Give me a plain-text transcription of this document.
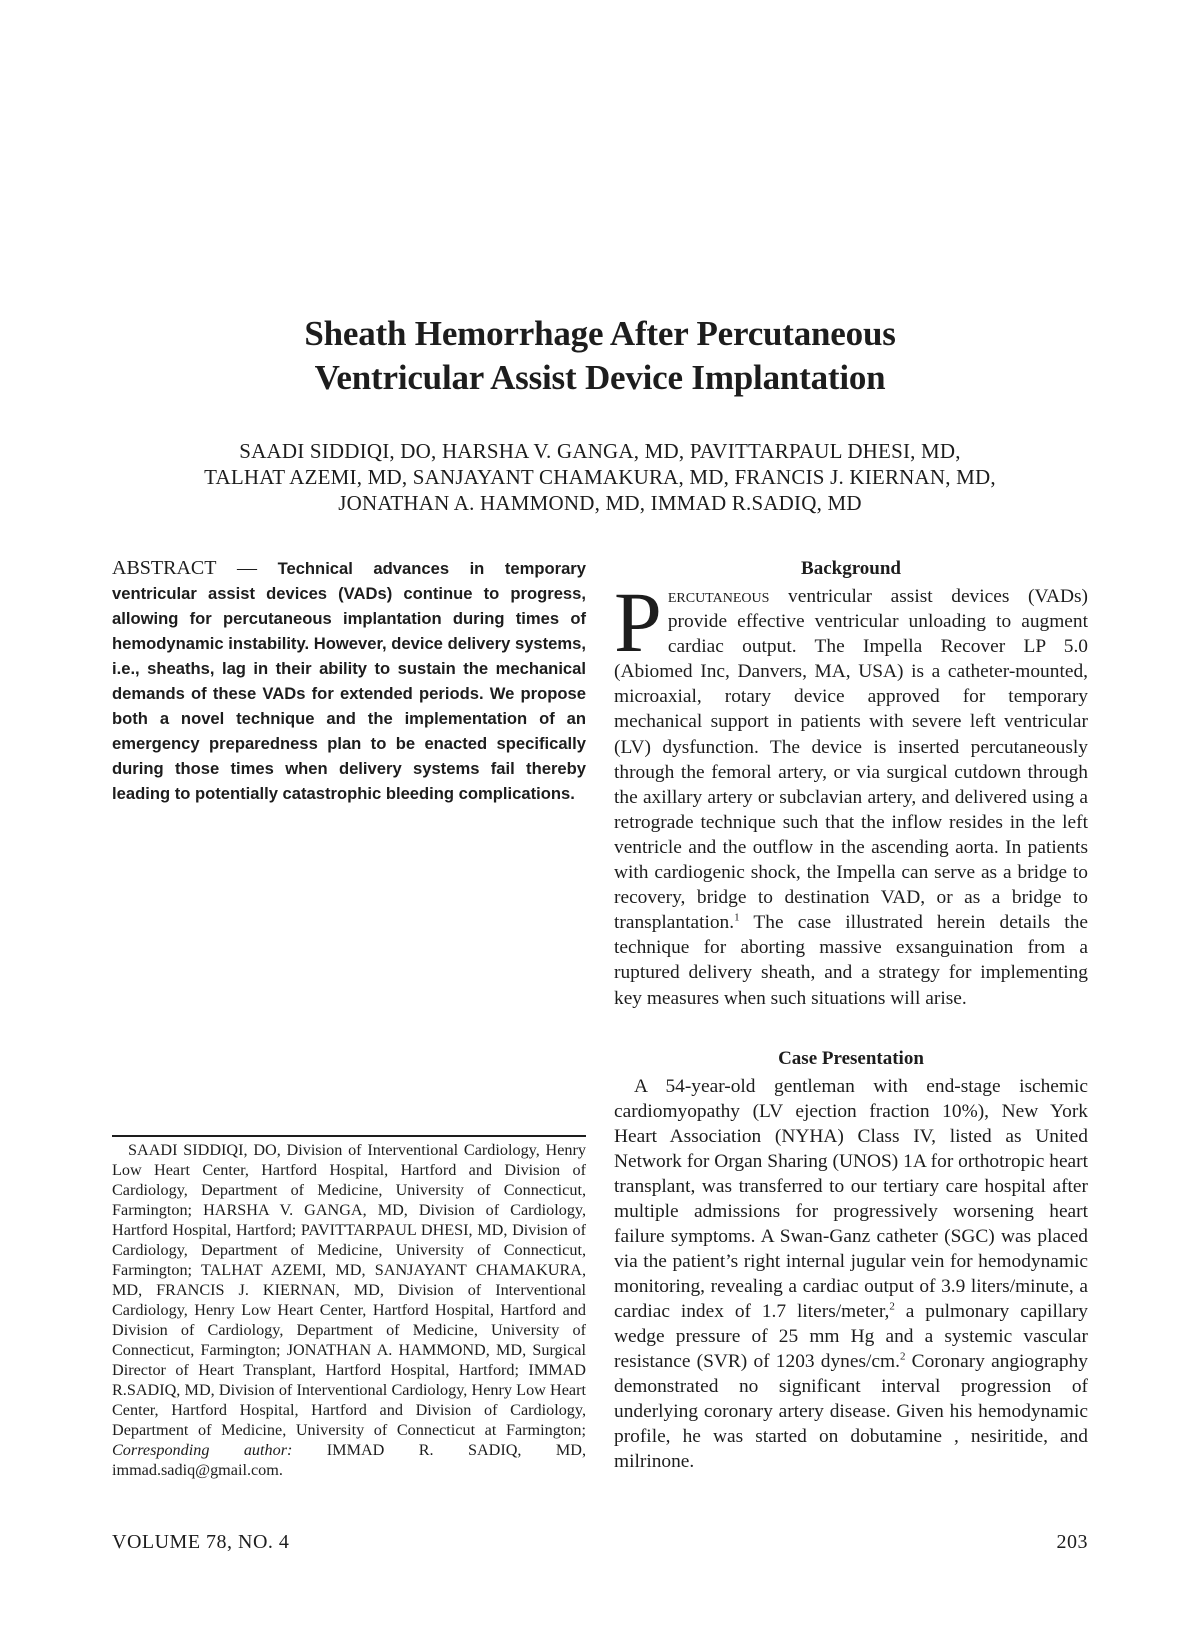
Sheath Hemorrhage After Percutaneous
Ventricular Assist Device Implantation
SAADI SIDDIQI, DO, HARSHA V. GANGA, MD, PAVITTARPAUL DHESI, MD,
TALHAT AZEMI, MD, SANJAYANT CHAMAKURA, MD, FRANCIS J. KIERNAN, MD,
JONATHAN A. HAMMOND, MD, IMMAD R.SADIQ, MD

ABSTRACT — Technical advances in temporary ventricular assist devices (VADs) continue to progress, allowing for percutaneous implantation during times of hemodynamic instability. However, device delivery systems, i.e., sheaths, lag in their ability to sustain the mechanical demands of these VADs for extended periods. We propose both a novel technique and the implementation of an emergency preparedness plan to be enacted specifically during those times when delivery systems fail thereby leading to potentially catastrophic bleeding complications.

SAADI SIDDIQI, DO, Division of Interventional Cardiology, Henry Low Heart Center, Hartford Hospital, Hartford and Division of Cardiology, Department of Medicine, University of Connecticut, Farmington; HARSHA V. GANGA, MD, Division of Cardiology, Hartford Hospital, Hartford; PAVITTARPAUL DHESI, MD, Division of Cardiology, Department of Medicine, University of Connecticut, Farmington; TALHAT AZEMI, MD, SANJAYANT CHAMAKURA, MD, FRANCIS J. KIERNAN, MD, Division of Interventional Cardiology, Henry Low Heart Center, Hartford Hospital, Hartford and Division of Cardiology, Department of Medicine, University of Connecticut, Farmington; JONATHAN A. HAMMOND, MD, Surgical Director of Heart Transplant, Hartford Hospital, Hartford; IMMAD R.SADIQ, MD, Division of Interventional Cardiology, Henry Low Heart Center, Hartford Hospital, Hartford and Division of Cardiology, Department of Medicine, University of Connecticut at Farmington; Corresponding author: IMMAD R. SADIQ, MD, immad.sadiq@gmail.com.

Background

P ercutaneous ventricular assist devices (VADs) provide effective ventricular unloading to augment cardiac output. The Impella Recover LP 5.0 (Abiomed Inc, Danvers, MA, USA) is a catheter-mounted, microaxial, rotary device approved for temporary mechanical support in patients with severe left ventricular (LV) dysfunction. The device is inserted percutaneously through the femoral artery, or via surgical cutdown through the axillary artery or subclavian artery, and delivered using a retrograde technique such that the inflow resides in the left ventricle and the outflow in the ascending aorta. In patients with cardiogenic shock, the Impella can serve as a bridge to recovery, bridge to destination VAD, or as a bridge to transplantation.$^1$ The case illustrated herein details the technique for aborting massive exsanguination from a ruptured delivery sheath, and a strategy for implementing key measures when such situations will arise.

Case Presentation

A 54-year-old gentleman with end-stage ischemic cardiomyopathy (LV ejection fraction 10%), New York Heart Association (NYHA) Class IV, listed as United Network for Organ Sharing (UNOS) 1A for orthotropic heart transplant, was transferred to our tertiary care hospital after multiple admissions for progressively worsening heart failure symptoms. A Swan-Ganz catheter (SGC) was placed via the patient’s right internal jugular vein for hemodynamic monitoring, revealing a cardiac output of 3.9 liters/minute, a cardiac index of 1.7 liters/meter,$^2$ a pulmonary capillary wedge pressure of 25 mm Hg and a systemic vascular resistance (SVR) of 1203 dynes/cm.$^2$ Coronary angiography demonstrated no significant interval progression of underlying coronary artery disease. Given his hemodynamic profile, he was started on dobutamine , nesiritide, and milrinone.

VOLUME 78, NO. 4	203
